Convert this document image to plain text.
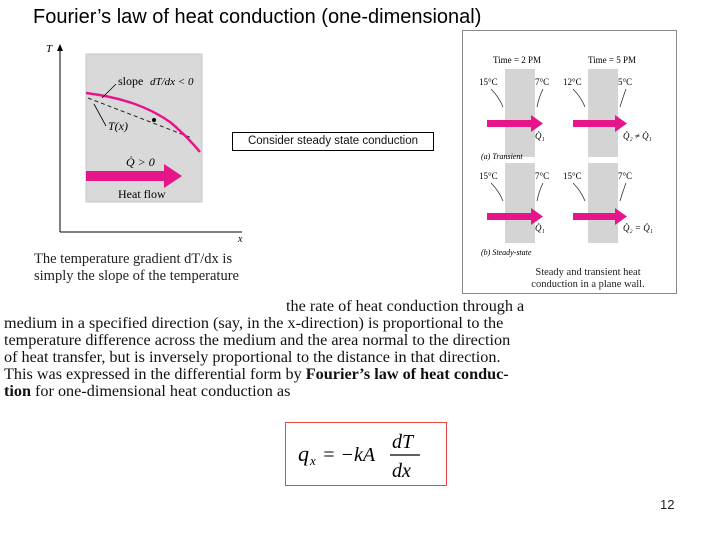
Fourier’s law of heat conduction (one-dimensional)
T
x
slope dT/dx < 0
T(x)
Q̇ > 0
Heat flow
The temperature gradient dT/dx is
simply the slope of the temperature
Time = 2 PM	Time = 5 PM
15°C	7°C 12°C	5°C
Q̇₁	Q̇₂ ≠ Q̇₁
(a) Transient
15°C	7°C 15°C	7°C
Q̇₁	Q̇₂ = Q̇₁
(b) Steady-state
Steady and transient heat
conduction in a plane wall.
Consider steady state conduction
the rate of heat conduction through a
medium in a specified direction (say, in the x-direction) is proportional to the
temperature difference across the medium and the area normal to the direction
of heat transfer, but is inversely proportional to the distance in that direction.
This was expressed in the differential form by Fourier’s law of heat conduc-
tion for one-dimensional heat conduction as
q x = −kA
dT
dx
12
